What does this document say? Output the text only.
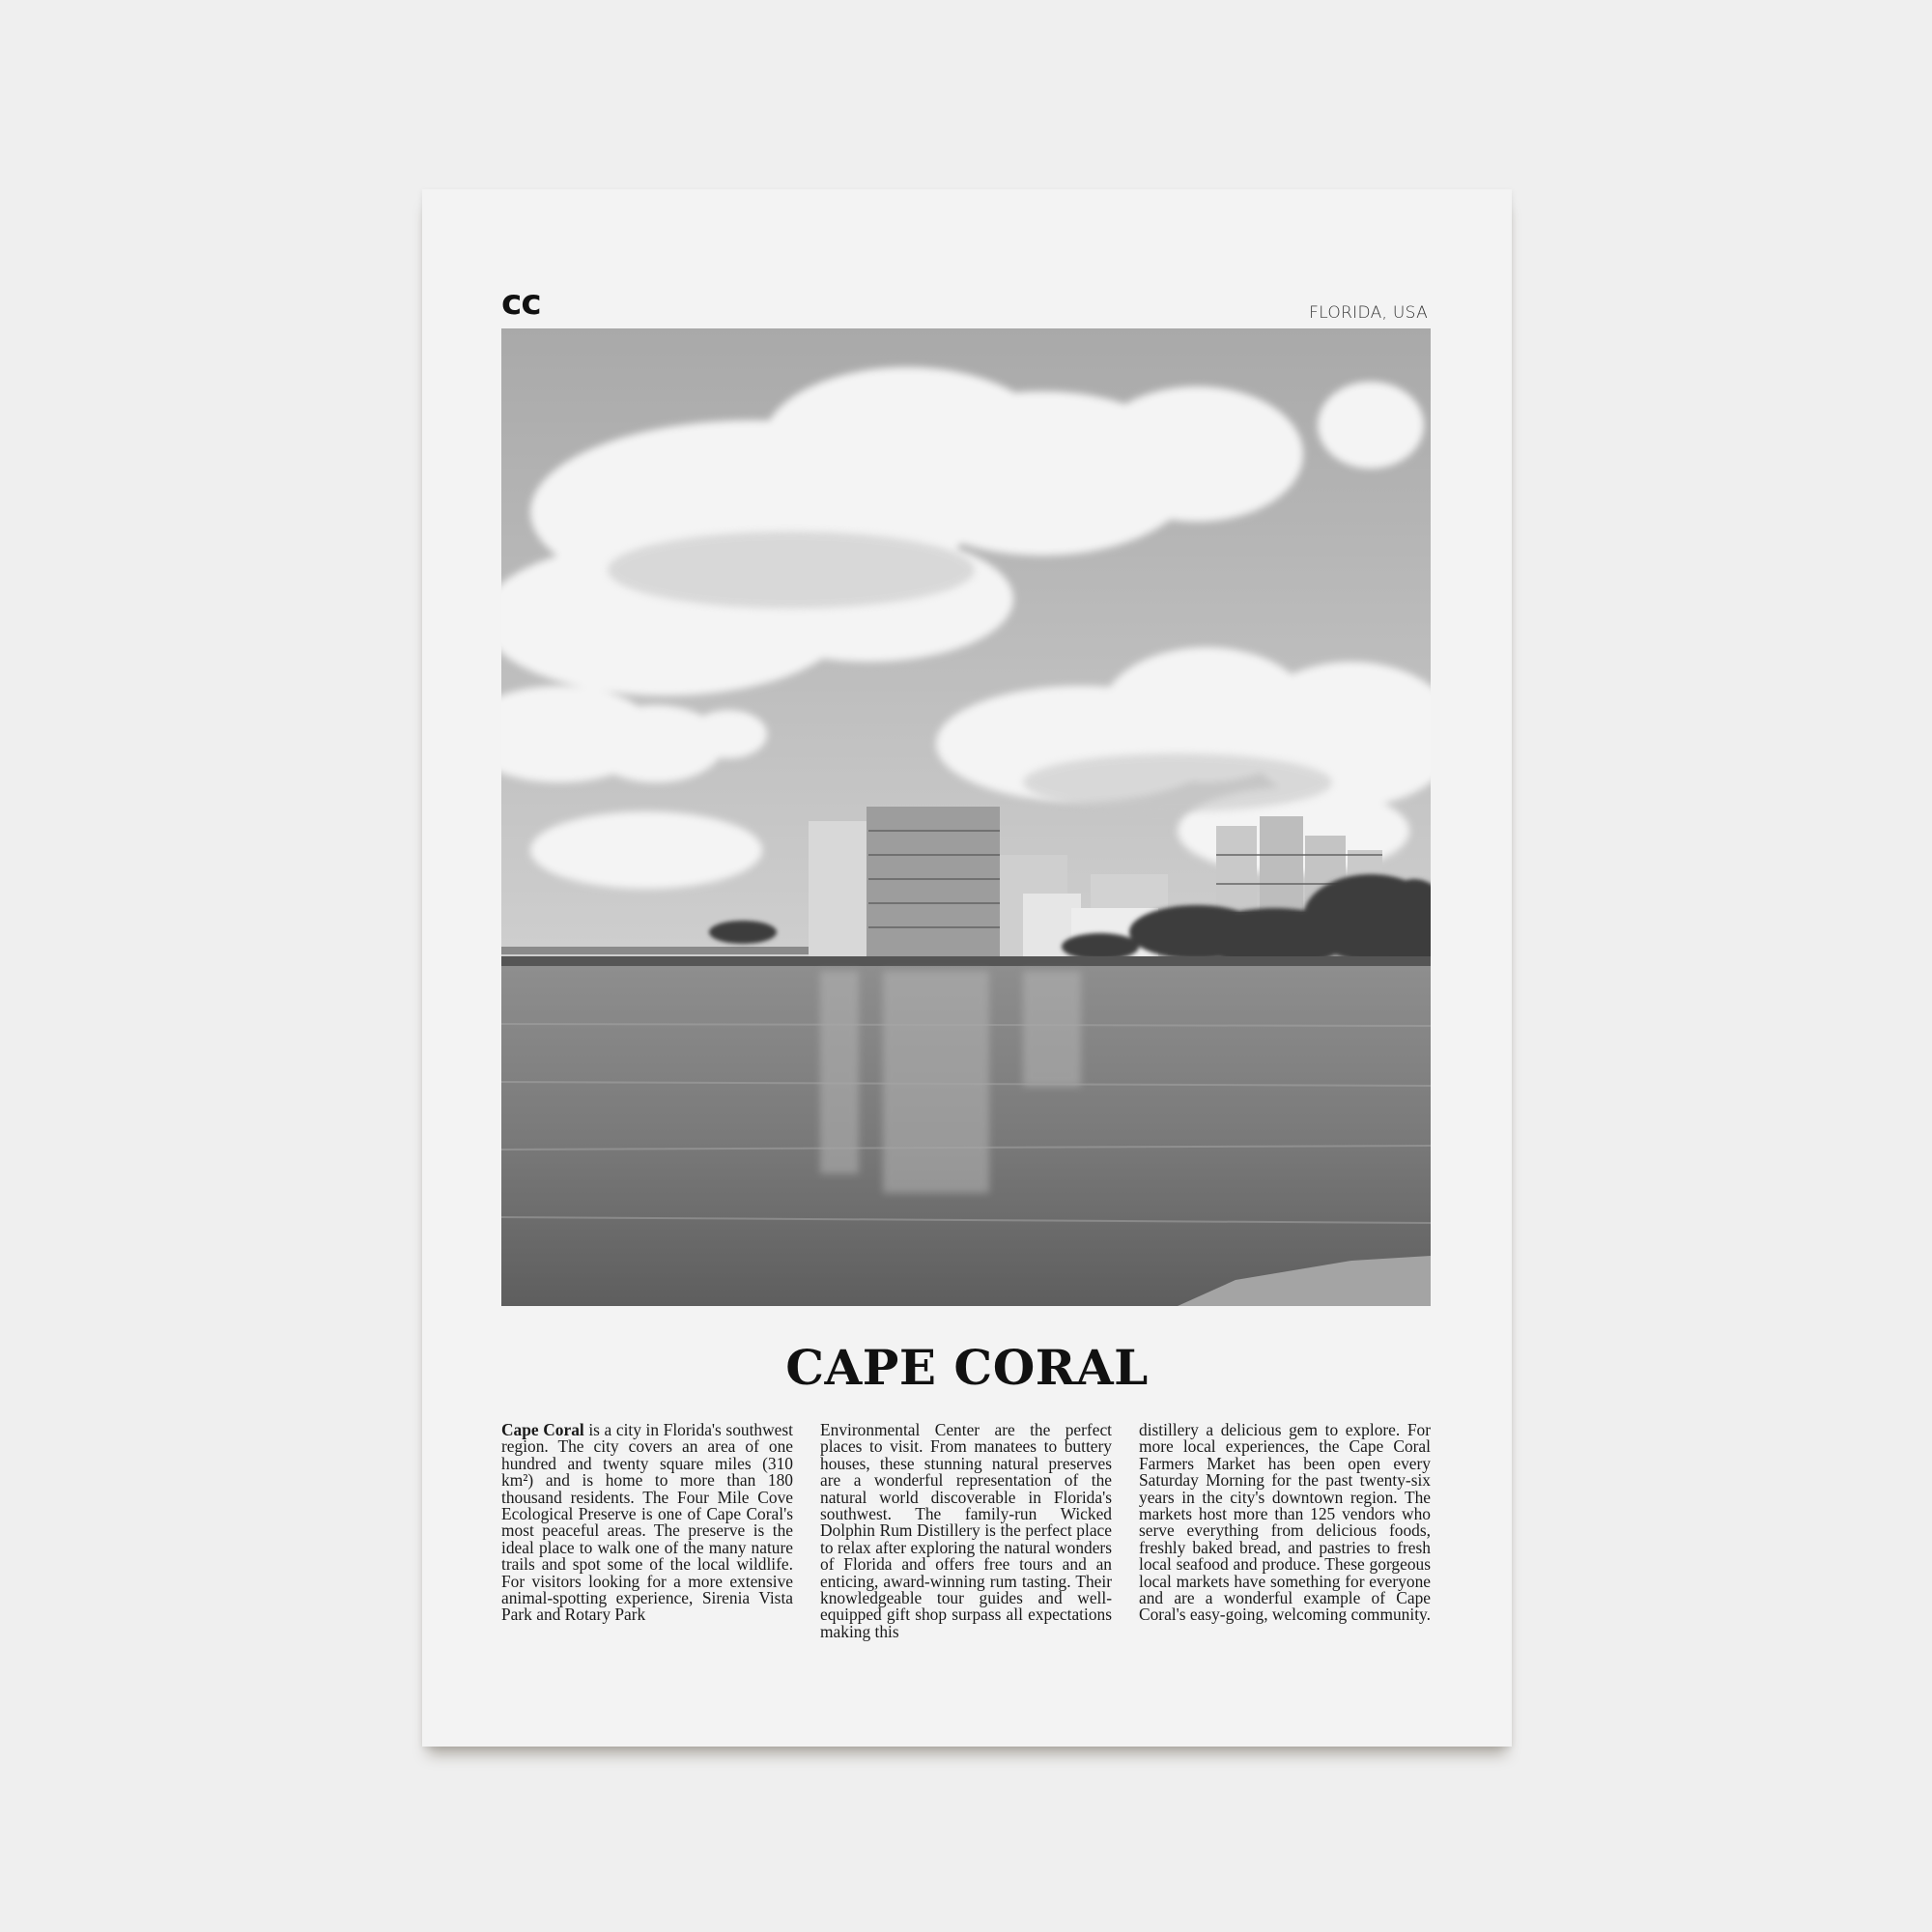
cc	FLORIDA, USA
CAPE CORAL
Cape Coral is a city in Florida's southwest region. The city covers an area of one hundred and twenty square miles (310 km²) and is home to more than 180 thousand residents. The Four Mile Cove Ecological Preserve is one of Cape Coral's most peaceful areas. The preserve is the ideal place to walk one of the many nature trails and spot some of the local wildlife. For visitors looking for a more extensive animal-spotting experience, Sirenia Vista Park and Rotary Park
Environmental Center are the perfect places to visit. From manatees to buttery houses, these stunning natural preserves are a wonderful representation of the natural world discoverable in Florida's southwest. The family-run Wicked Dolphin Rum Distillery is the perfect place to relax after exploring the natural wonders of Florida and offers free tours and an enticing, award-winning rum tasting. Their knowledgeable tour guides and well-equipped gift shop surpass all expectations making this
distillery a delicious gem to explore. For more local experiences, the Cape Coral Farmers Market has been open every Saturday Morning for the past twenty-six years in the city's downtown region. The markets host more than 125 vendors who serve everything from delicious foods, freshly baked bread, and pastries to fresh local seafood and produce. These gorgeous local markets have something for everyone and are a wonderful example of Cape Coral's easy-going, welcoming community.
